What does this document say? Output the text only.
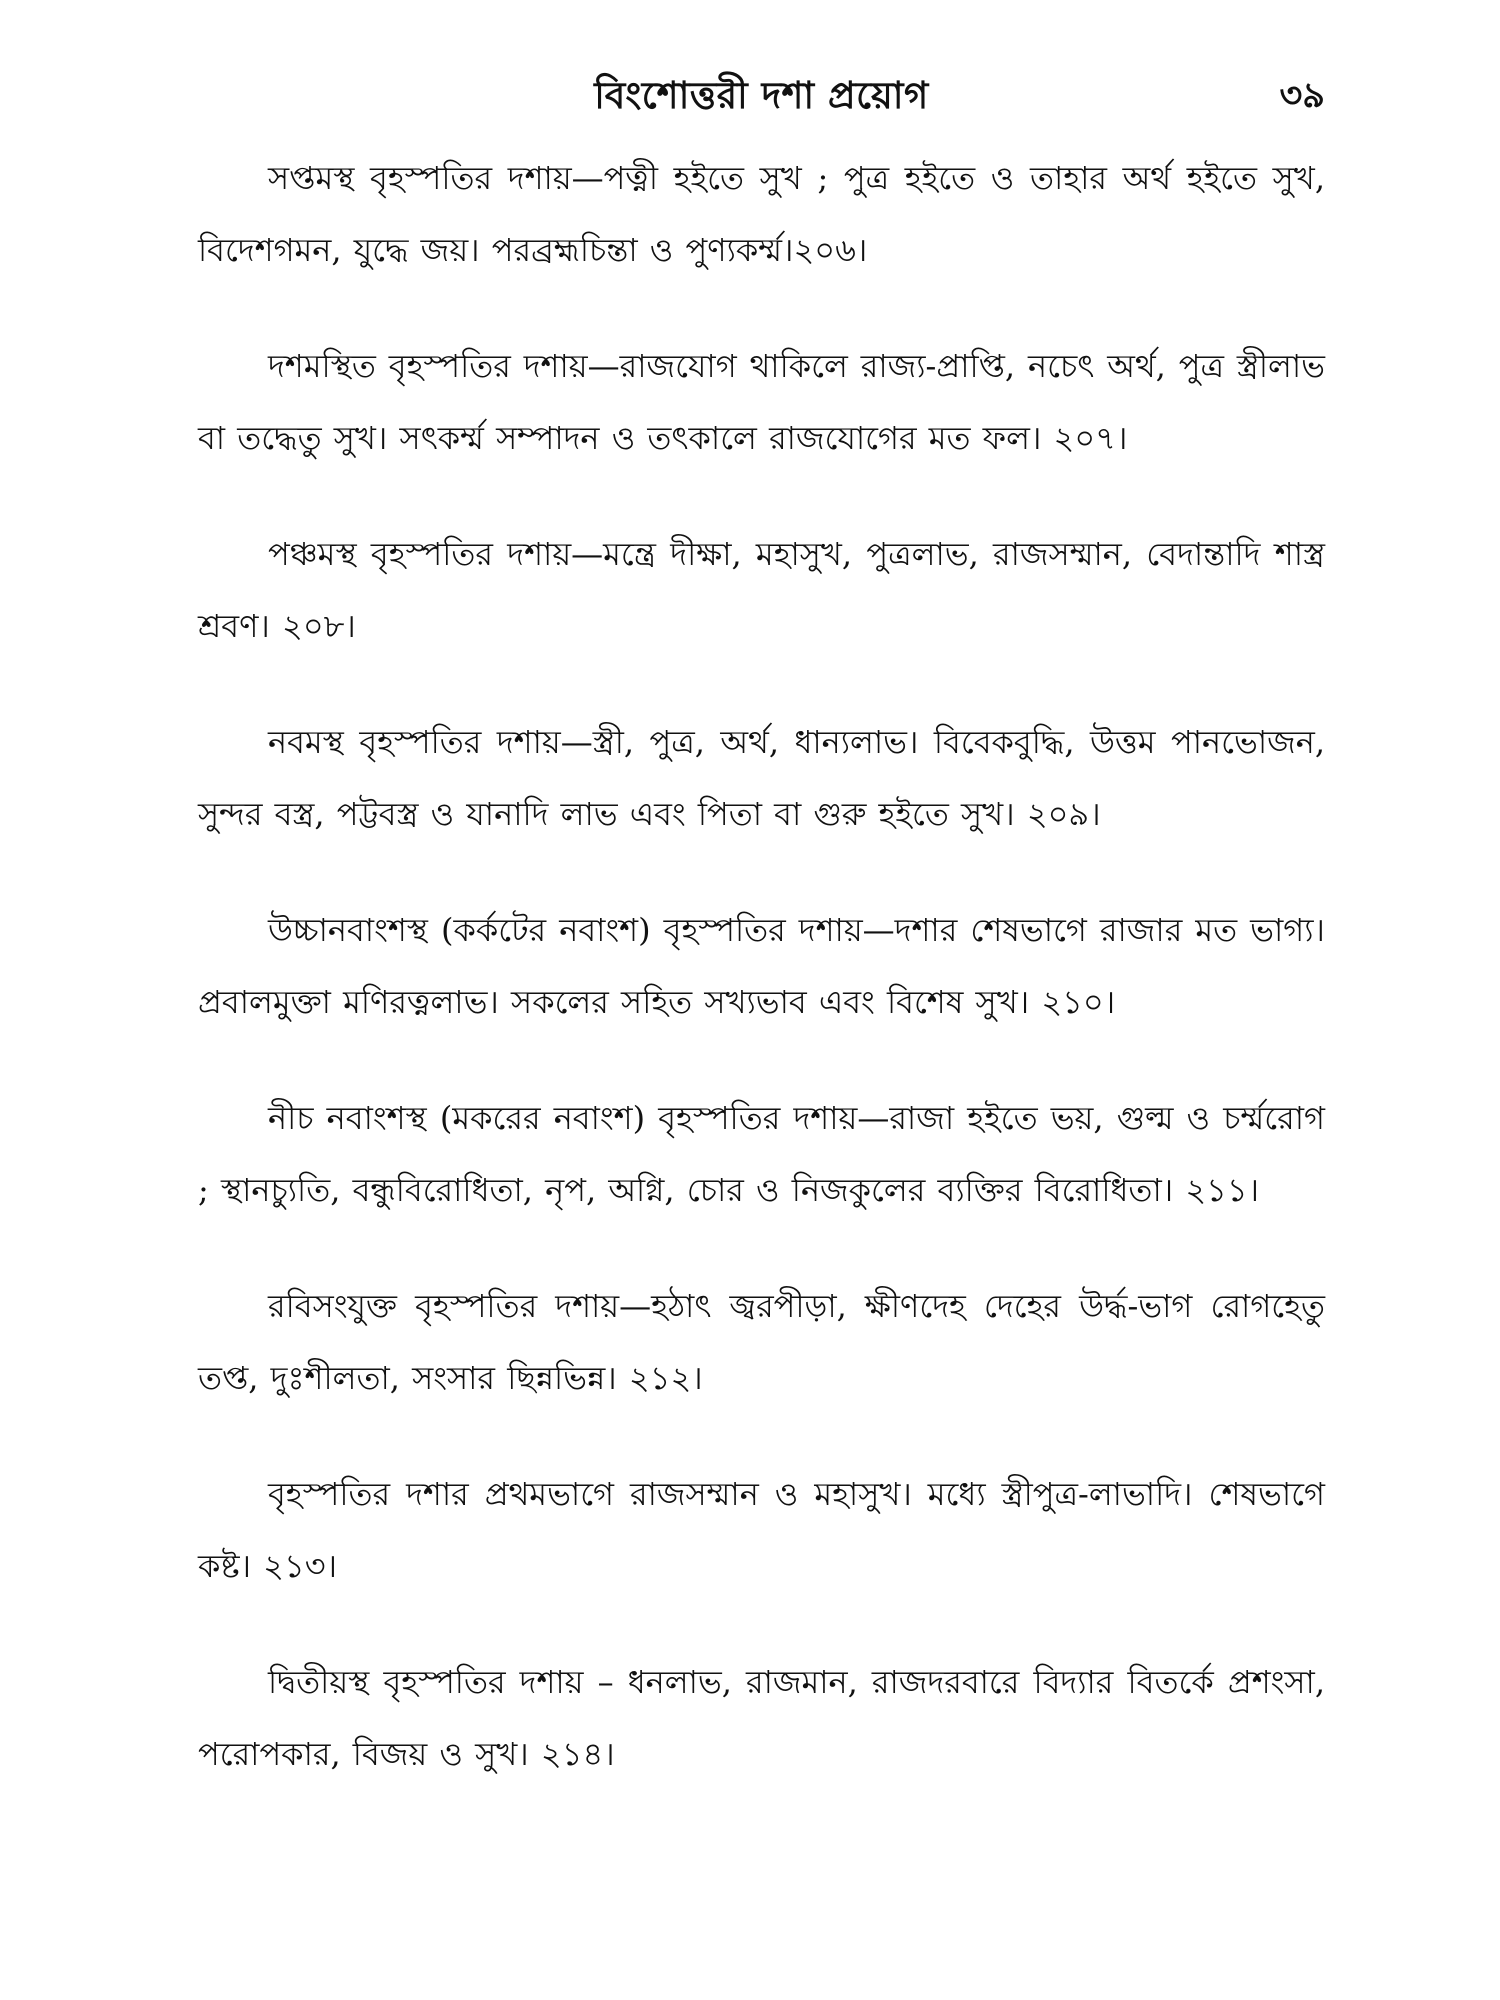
বিংশোত্তরী দশা প্রয়োগ	৩৯

সপ্তমস্থ বৃহস্পতির দশায়—পত্নী হইতে সুখ ; পুত্র হইতে ও তাহার অর্থ হইতে সুখ, বিদেশগমন, যুদ্ধে জয়। পরব্রহ্মচিন্তা ও পুণ্যকর্ম্ম।২০৬।

দশমস্থিত বৃহস্পতির দশায়—রাজযোগ থাকিলে রাজ্য-প্রাপ্তি, নচেৎ অর্থ, পুত্র স্ত্রীলাভ বা তদ্ধেতু সুখ। সৎকর্ম্ম সম্পাদন ও তৎকালে রাজযোগের মত ফল। ২০৭।

পঞ্চমস্থ বৃহস্পতির দশায়—মন্ত্রে দীক্ষা, মহাসুখ, পুত্রলাভ, রাজসম্মান, বেদান্তাদি শাস্ত্র শ্রবণ। ২০৮।

নবমস্থ বৃহস্পতির দশায়—স্ত্রী, পুত্র, অর্থ, ধান্যলাভ। বিবেকবুদ্ধি, উত্তম পানভোজন, সুন্দর বস্ত্র, পট্টবস্ত্র ও যানাদি লাভ এবং পিতা বা গুরু হইতে সুখ। ২০৯।

উচ্চানবাংশস্থ (কর্কটের নবাংশ) বৃহস্পতির দশায়—দশার শেষভাগে রাজার মত ভাগ্য। প্রবালমুক্তা মণিরত্নলাভ। সকলের সহিত সখ্যভাব এবং বিশেষ সুখ। ২১০।

নীচ নবাংশস্থ (মকরের নবাংশ) বৃহস্পতির দশায়—রাজা হইতে ভয়, গুল্ম ও চর্ম্মরোগ ; স্থানচ্যুতি, বন্ধুবিরোধিতা, নৃপ, অগ্নি, চোর ও নিজকুলের ব্যক্তির বিরোধিতা। ২১১।

রবিসংযুক্ত বৃহস্পতির দশায়—হঠাৎ জ্বরপীড়া, ক্ষীণদেহ দেহের উর্দ্ধ-ভাগ রোগহেতু তপ্ত, দুঃশীলতা, সংসার ছিন্নভিন্ন। ২১২।

বৃহস্পতির দশার প্রথমভাগে রাজসম্মান ও মহাসুখ। মধ্যে স্ত্রীপুত্র-লাভাদি। শেষভাগে কষ্ট। ২১৩।

দ্বিতীয়স্থ বৃহস্পতির দশায় – ধনলাভ, রাজমান, রাজদরবারে বিদ্যার বিতর্কে প্রশংসা, পরোপকার, বিজয় ও সুখ। ২১৪।
